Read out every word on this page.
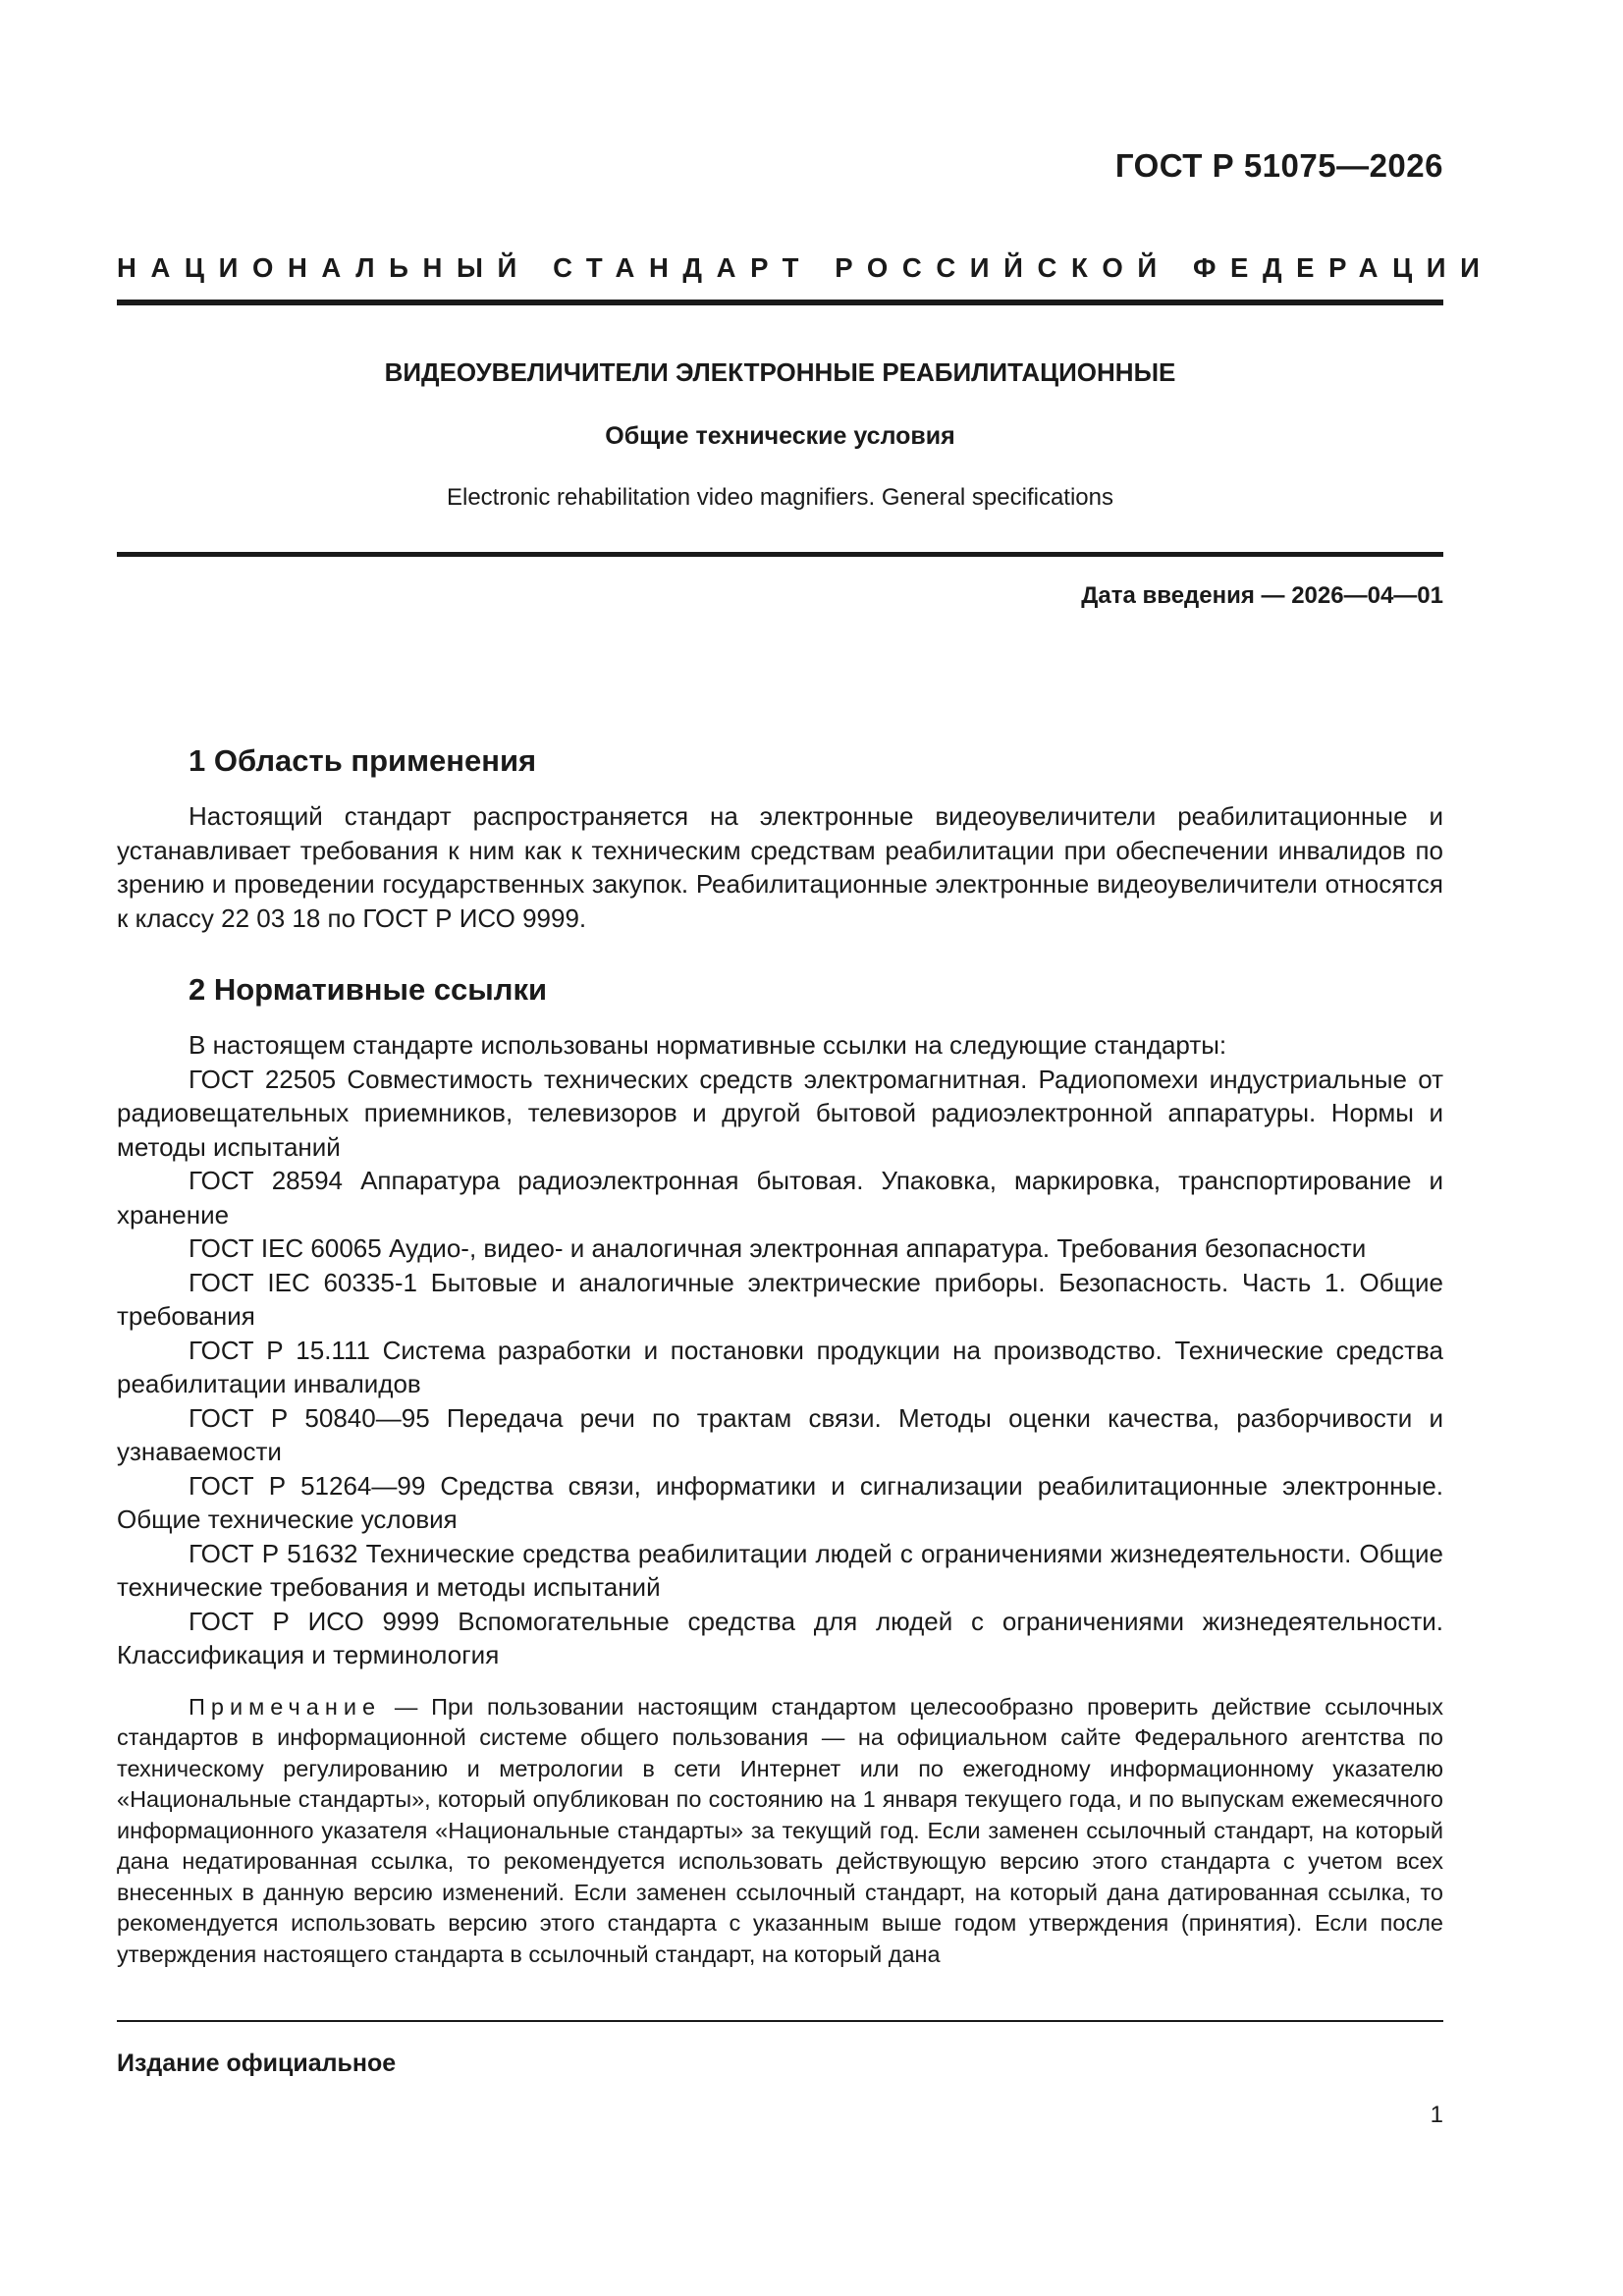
ГОСТ Р 51075—2026
НАЦИОНАЛЬНЫЙ СТАНДАРТ РОССИЙСКОЙ ФЕДЕРАЦИИ
ВИДЕОУВЕЛИЧИТЕЛИ ЭЛЕКТРОННЫЕ РЕАБИЛИТАЦИОННЫЕ
Общие технические условия
Electronic rehabilitation video magnifiers. General specifications
Дата введения — 2026—04—01
1 Область применения

Настоящий стандарт распространяется на электронные видеоувеличители реабилитационные и устанавливает требования к ним как к техническим средствам реабилитации при обеспечении инвалидов по зрению и проведении государственных закупок. Реабилитационные электронные видеоувеличители относятся к классу 22 03 18 по ГОСТ Р ИСО 9999.

2 Нормативные ссылки

В настоящем стандарте использованы нормативные ссылки на следующие стандарты:

ГОСТ 22505 Совместимость технических средств электромагнитная. Радиопомехи индустриальные от радиовещательных приемников, телевизоров и другой бытовой радиоэлектронной аппаратуры. Нормы и методы испытаний

ГОСТ 28594 Аппаратура радиоэлектронная бытовая. Упаковка, маркировка, транспортирование и хранение

ГОСТ IEC 60065 Аудио-, видео- и аналогичная электронная аппаратура. Требования безопасности

ГОСТ IEC 60335-1 Бытовые и аналогичные электрические приборы. Безопасность. Часть 1. Общие требования

ГОСТ Р 15.111 Система разработки и постановки продукции на производство. Технические средства реабилитации инвалидов

ГОСТ Р 50840—95 Передача речи по трактам связи. Методы оценки качества, разборчивости и узнаваемости

ГОСТ Р 51264—99 Средства связи, информатики и сигнализации реабилитационные электронные. Общие технические условия

ГОСТ Р 51632 Технические средства реабилитации людей с ограничениями жизнедеятельности. Общие технические требования и методы испытаний

ГОСТ Р ИСО 9999 Вспомогательные средства для людей с ограничениями жизнедеятельности. Классификация и терминология

Примечание — При пользовании настоящим стандартом целесообразно проверить действие ссылочных стандартов в информационной системе общего пользования — на официальном сайте Федерального агентства по техническому регулированию и метрологии в сети Интернет или по ежегодному информационному указателю «Национальные стандарты», который опубликован по состоянию на 1 января текущего года, и по выпускам ежемесячного информационного указателя «Национальные стандарты» за текущий год. Если заменен ссылочный стандарт, на который дана недатированная ссылка, то рекомендуется использовать действующую версию этого стандарта с учетом всех внесенных в данную версию изменений. Если заменен ссылочный стандарт, на который дана датированная ссылка, то рекомендуется использовать версию этого стандарта с указанным выше годом утверждения (принятия). Если после утверждения настоящего стандарта в ссылочный стандарт, на который дана

Издание официальное
1
